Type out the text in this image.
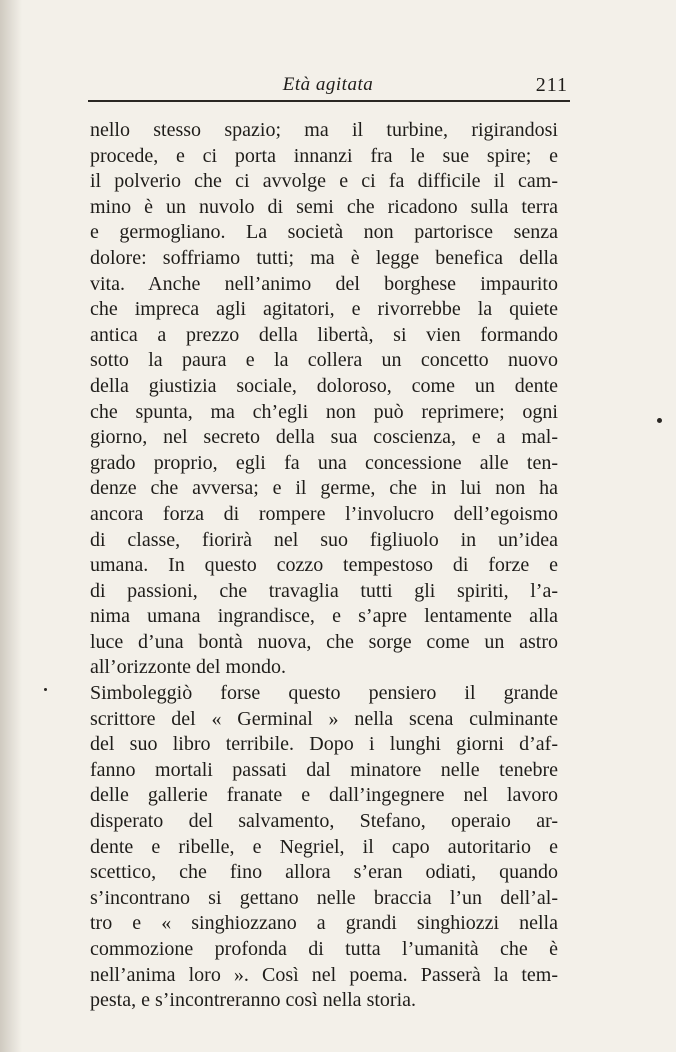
Età agitata	211
nello stesso spazio; ma il turbine, rigirandosi
procede, e ci porta innanzi fra le sue spire; e
il polverio che ci avvolge e ci fa difficile il cam-
mino è un nuvolo di semi che ricadono sulla terra
e germogliano. La società non partorisce senza
dolore: soffriamo tutti; ma è legge benefica della
vita. Anche nell’animo del borghese impaurito
che impreca agli agitatori, e rivorrebbe la quiete
antica a prezzo della libertà, si vien formando
sotto la paura e la collera un concetto nuovo
della giustizia sociale, doloroso, come un dente
che spunta, ma ch’egli non può reprimere; ogni
giorno, nel secreto della sua coscienza, e a mal-
grado proprio, egli fa una concessione alle ten-
denze che avversa; e il germe, che in lui non ha
ancora forza di rompere l’involucro dell’egoismo
di classe, fiorirà nel suo figliuolo in un’idea
umana. In questo cozzo tempestoso di forze e
di passioni, che travaglia tutti gli spiriti, l’a-
nima umana ingrandisce, e s’apre lentamente alla
luce d’una bontà nuova, che sorge come un astro
all’orizzonte del mondo.
Simboleggiò forse questo pensiero il grande
scrittore del « Germinal » nella scena culminante
del suo libro terribile. Dopo i lunghi giorni d’af-
fanno mortali passati dal minatore nelle tenebre
delle gallerie franate e dall’ingegnere nel lavoro
disperato del salvamento, Stefano, operaio ar-
dente e ribelle, e Negriel, il capo autoritario e
scettico, che fino allora s’eran odiati, quando
s’incontrano si gettano nelle braccia l’un dell’al-
tro e « singhiozzano a grandi singhiozzi nella
commozione profonda di tutta l’umanità che è
nell’anima loro ». Così nel poema. Passerà la tem-
pesta, e s’incontreranno così nella storia.
